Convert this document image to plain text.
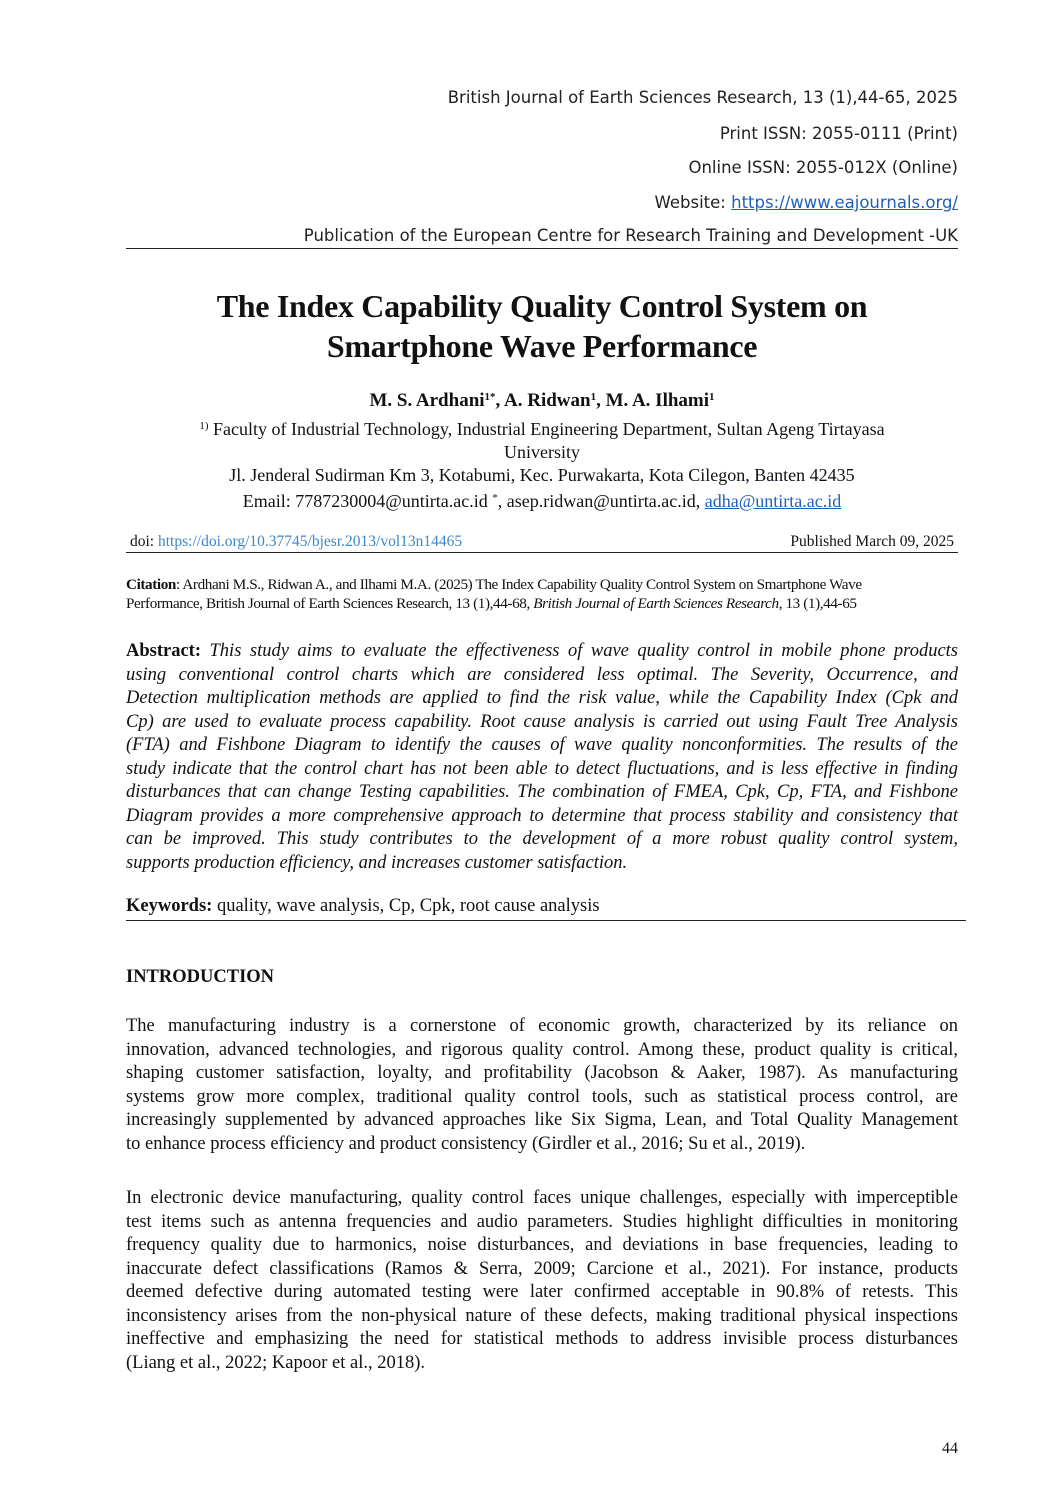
British Journal of Earth Sciences Research, 13 (1),44-65, 2025
Print ISSN: 2055-0111 (Print)
Online ISSN: 2055-012X (Online)
Website: https://www.eajournals.org/
Publication of the European Centre for Research Training and Development -UK
The Index Capability Quality Control System on
Smartphone Wave Performance
M. S. Ardhani$^{1*}$, A. Ridwan$^1$, M. A. Ilhami$^1$
$^{1)}$ Faculty of Industrial Technology, Industrial Engineering Department, Sultan Ageng Tirtayasa
University
Jl. Jenderal Sudirman Km 3, Kotabumi, Kec. Purwakarta, Kota Cilegon, Banten 42435
Email: 7787230004@untirta.ac.id *, asep.ridwan@untirta.ac.id, adha@untirta.ac.id
doi: https://doi.org/10.37745/bjesr.2013/vol13n14465	Published March 09, 2025
Citation: Ardhani M.S., Ridwan A., and Ilhami M.A. (2025) The Index Capability Quality Control System on Smartphone Wave
Performance, British Journal of Earth Sciences Research, 13 (1),44-68, British Journal of Earth Sciences Research, 13 (1),44-65
Abstract: This study aims to evaluate the effectiveness of wave quality control in mobile phone products
using conventional control charts which are considered less optimal. The Severity, Occurrence, and
Detection multiplication methods are applied to find the risk value, while the Capability Index (Cpk and
Cp) are used to evaluate process capability. Root cause analysis is carried out using Fault Tree Analysis
(FTA) and Fishbone Diagram to identify the causes of wave quality nonconformities. The results of the
study indicate that the control chart has not been able to detect fluctuations, and is less effective in finding
disturbances that can change Testing capabilities. The combination of FMEA, Cpk, Cp, FTA, and Fishbone
Diagram provides a more comprehensive approach to determine that process stability and consistency that
can be improved. This study contributes to the development of a more robust quality control system,
supports production efficiency, and increases customer satisfaction.
Keywords: quality, wave analysis, Cp, Cpk, root cause analysis
INTRODUCTION
The manufacturing industry is a cornerstone of economic growth, characterized by its reliance on
innovation, advanced technologies, and rigorous quality control. Among these, product quality is critical,
shaping customer satisfaction, loyalty, and profitability (Jacobson & Aaker, 1987). As manufacturing
systems grow more complex, traditional quality control tools, such as statistical process control, are
increasingly supplemented by advanced approaches like Six Sigma, Lean, and Total Quality Management
to enhance process efficiency and product consistency (Girdler et al., 2016; Su et al., 2019).
In electronic device manufacturing, quality control faces unique challenges, especially with imperceptible
test items such as antenna frequencies and audio parameters. Studies highlight difficulties in monitoring
frequency quality due to harmonics, noise disturbances, and deviations in base frequencies, leading to
inaccurate defect classifications (Ramos & Serra, 2009; Carcione et al., 2021). For instance, products
deemed defective during automated testing were later confirmed acceptable in 90.8% of retests. This
inconsistency arises from the non-physical nature of these defects, making traditional physical inspections
ineffective and emphasizing the need for statistical methods to address invisible process disturbances
(Liang et al., 2022; Kapoor et al., 2018).
44
